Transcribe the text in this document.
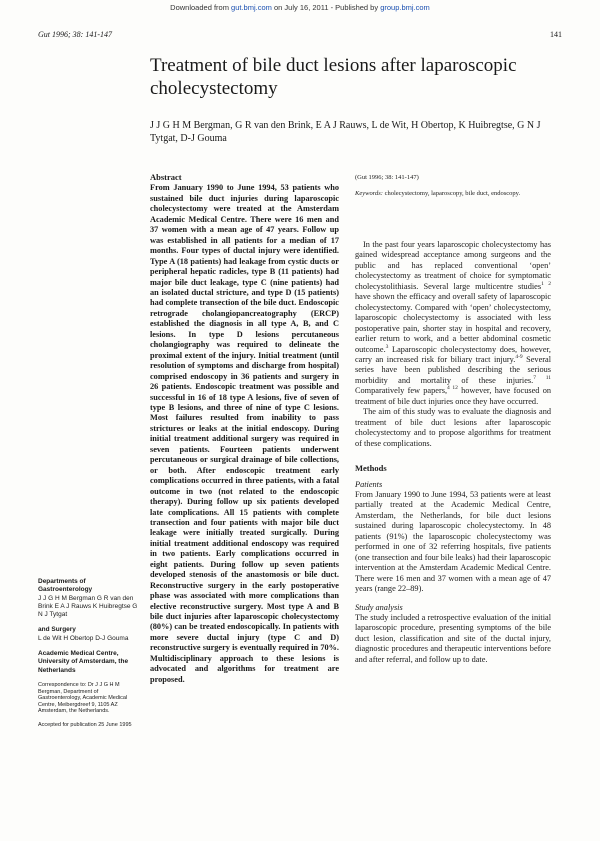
Downloaded from gut.bmj.com on July 16, 2011 - Published by group.bmj.com
Gut 1996; 38: 141-147	141
Treatment of bile duct lesions after laparoscopic cholecystectomy

J J G H M Bergman, G R van den Brink, E A J Rauws, L de Wit, H Obertop, K Huibregtse, G N J Tytgat, D-J Gouma

Departments of Gastroenterology

J J G H M Bergman G R van den Brink E A J Rauws K Huibregtse G N J Tytgat

and Surgery

L de Wit H Obertop D-J Gouma

Academic Medical Centre, University of Amsterdam, the Netherlands

Correspondence to: Dr J J G H M Bergman, Department of Gastroenterology, Academic Medical Centre, Meibergdreef 9, 1105 AZ Amsterdam, the Netherlands.

Accepted for publication 25 June 1995

Abstract

From January 1990 to June 1994, 53 patients who sustained bile duct injuries during laparoscopic cholecystectomy were treated at the Amsterdam Academic Medical Centre. There were 16 men and 37 women with a mean age of 47 years. Follow up was established in all patients for a median of 17 months. Four types of ductal injury were identified. Type A (18 patients) had leakage from cystic ducts or peripheral hepatic radicles, type B (11 patients) had major bile duct leakage, type C (nine patients) had an isolated ductal stricture, and type D (15 patients) had complete transection of the bile duct. Endoscopic retrograde cholangiopancreatography (ERCP) established the diagnosis in all type A, B, and C lesions. In type D lesions percutaneous cholangiography was required to delineate the proximal extent of the injury. Initial treatment (until resolution of symptoms and discharge from hospital) comprised endoscopy in 36 patients and surgery in 26 patients. Endoscopic treatment was possible and successful in 16 of 18 type A lesions, five of seven of type B lesions, and three of nine of type C lesions. Most failures resulted from inability to pass strictures or leaks at the initial endoscopy. During initial treatment additional surgery was required in seven patients. Fourteen patients underwent percutaneous or surgical drainage of bile collections, or both. After endoscopic treatment early complications occurred in three patients, with a fatal outcome in two (not related to the endoscopic therapy). During follow up six patients developed late complications. All 15 patients with complete transection and four patients with major bile duct leakage were initially treated surgically. During initial treatment additional endoscopy was required in two patients. Early complications occurred in eight patients. During follow up seven patients developed stenosis of the anastomosis or bile duct. Reconstructive surgery in the early postoperative phase was associated with more complications than elective reconstructive surgery. Most type A and B bile duct injuries after laparoscopic cholecystectomy (80%) can be treated endoscopically. In patients with more severe ductal injury (type C and D) reconstructive surgery is eventually required in 70%. Multidisciplinary approach to these lesions is advocated and algorithms for treatment are proposed.

(Gut 1996; 38: 141-147)

Keywords: cholecystectomy, laparoscopy, bile duct, endoscopy.

In the past four years laparoscopic cholecystectomy has gained widespread acceptance among surgeons and the public and has replaced conventional ‘open’ cholecystectomy as treatment of choice for symptomatic cholecystolithiasis. Several large multicentre studies$^{1 2}$ have shown the efficacy and overall safety of laparoscopic cholecystectomy. Compared with ‘open’ cholecystectomy, laparoscopic cholecystectomy is associated with less postoperative pain, shorter stay in hospital and recovery, earlier return to work, and a better abdominal cosmetic outcome.$^3$ Laparoscopic cholecystectomy does, however, carry an increased risk for biliary tract injury.$^{4-9}$ Several series have been published describing the serious morbidity and mortality of these injuries.$^{7 11}$ Comparatively few papers,$^{4 12}$ however, have focused on treatment of bile duct injuries once they have occurred.

The aim of this study was to evaluate the diagnosis and treatment of bile duct lesions after laparoscopic cholecystectomy and to propose algorithms for treatment of these complications.

Methods

Patients

From January 1990 to June 1994, 53 patients were at least partially treated at the Academic Medical Centre, Amsterdam, the Netherlands, for bile duct lesions sustained during laparoscopic cholecystectomy. In 48 patients (91%) the laparoscopic cholecystectomy was performed in one of 32 referring hospitals, five patients (one transection and four bile leaks) had their laparoscopic intervention at the Amsterdam Academic Medical Centre. There were 16 men and 37 women with a mean age of 47 years (range 22–89).

Study analysis

The study included a retrospective evaluation of the initial laparoscopic procedure, presenting symptoms of the bile duct lesion, classification and site of the ductal injury, diagnostic procedures and therapeutic interventions before and after referral, and follow up to date.
